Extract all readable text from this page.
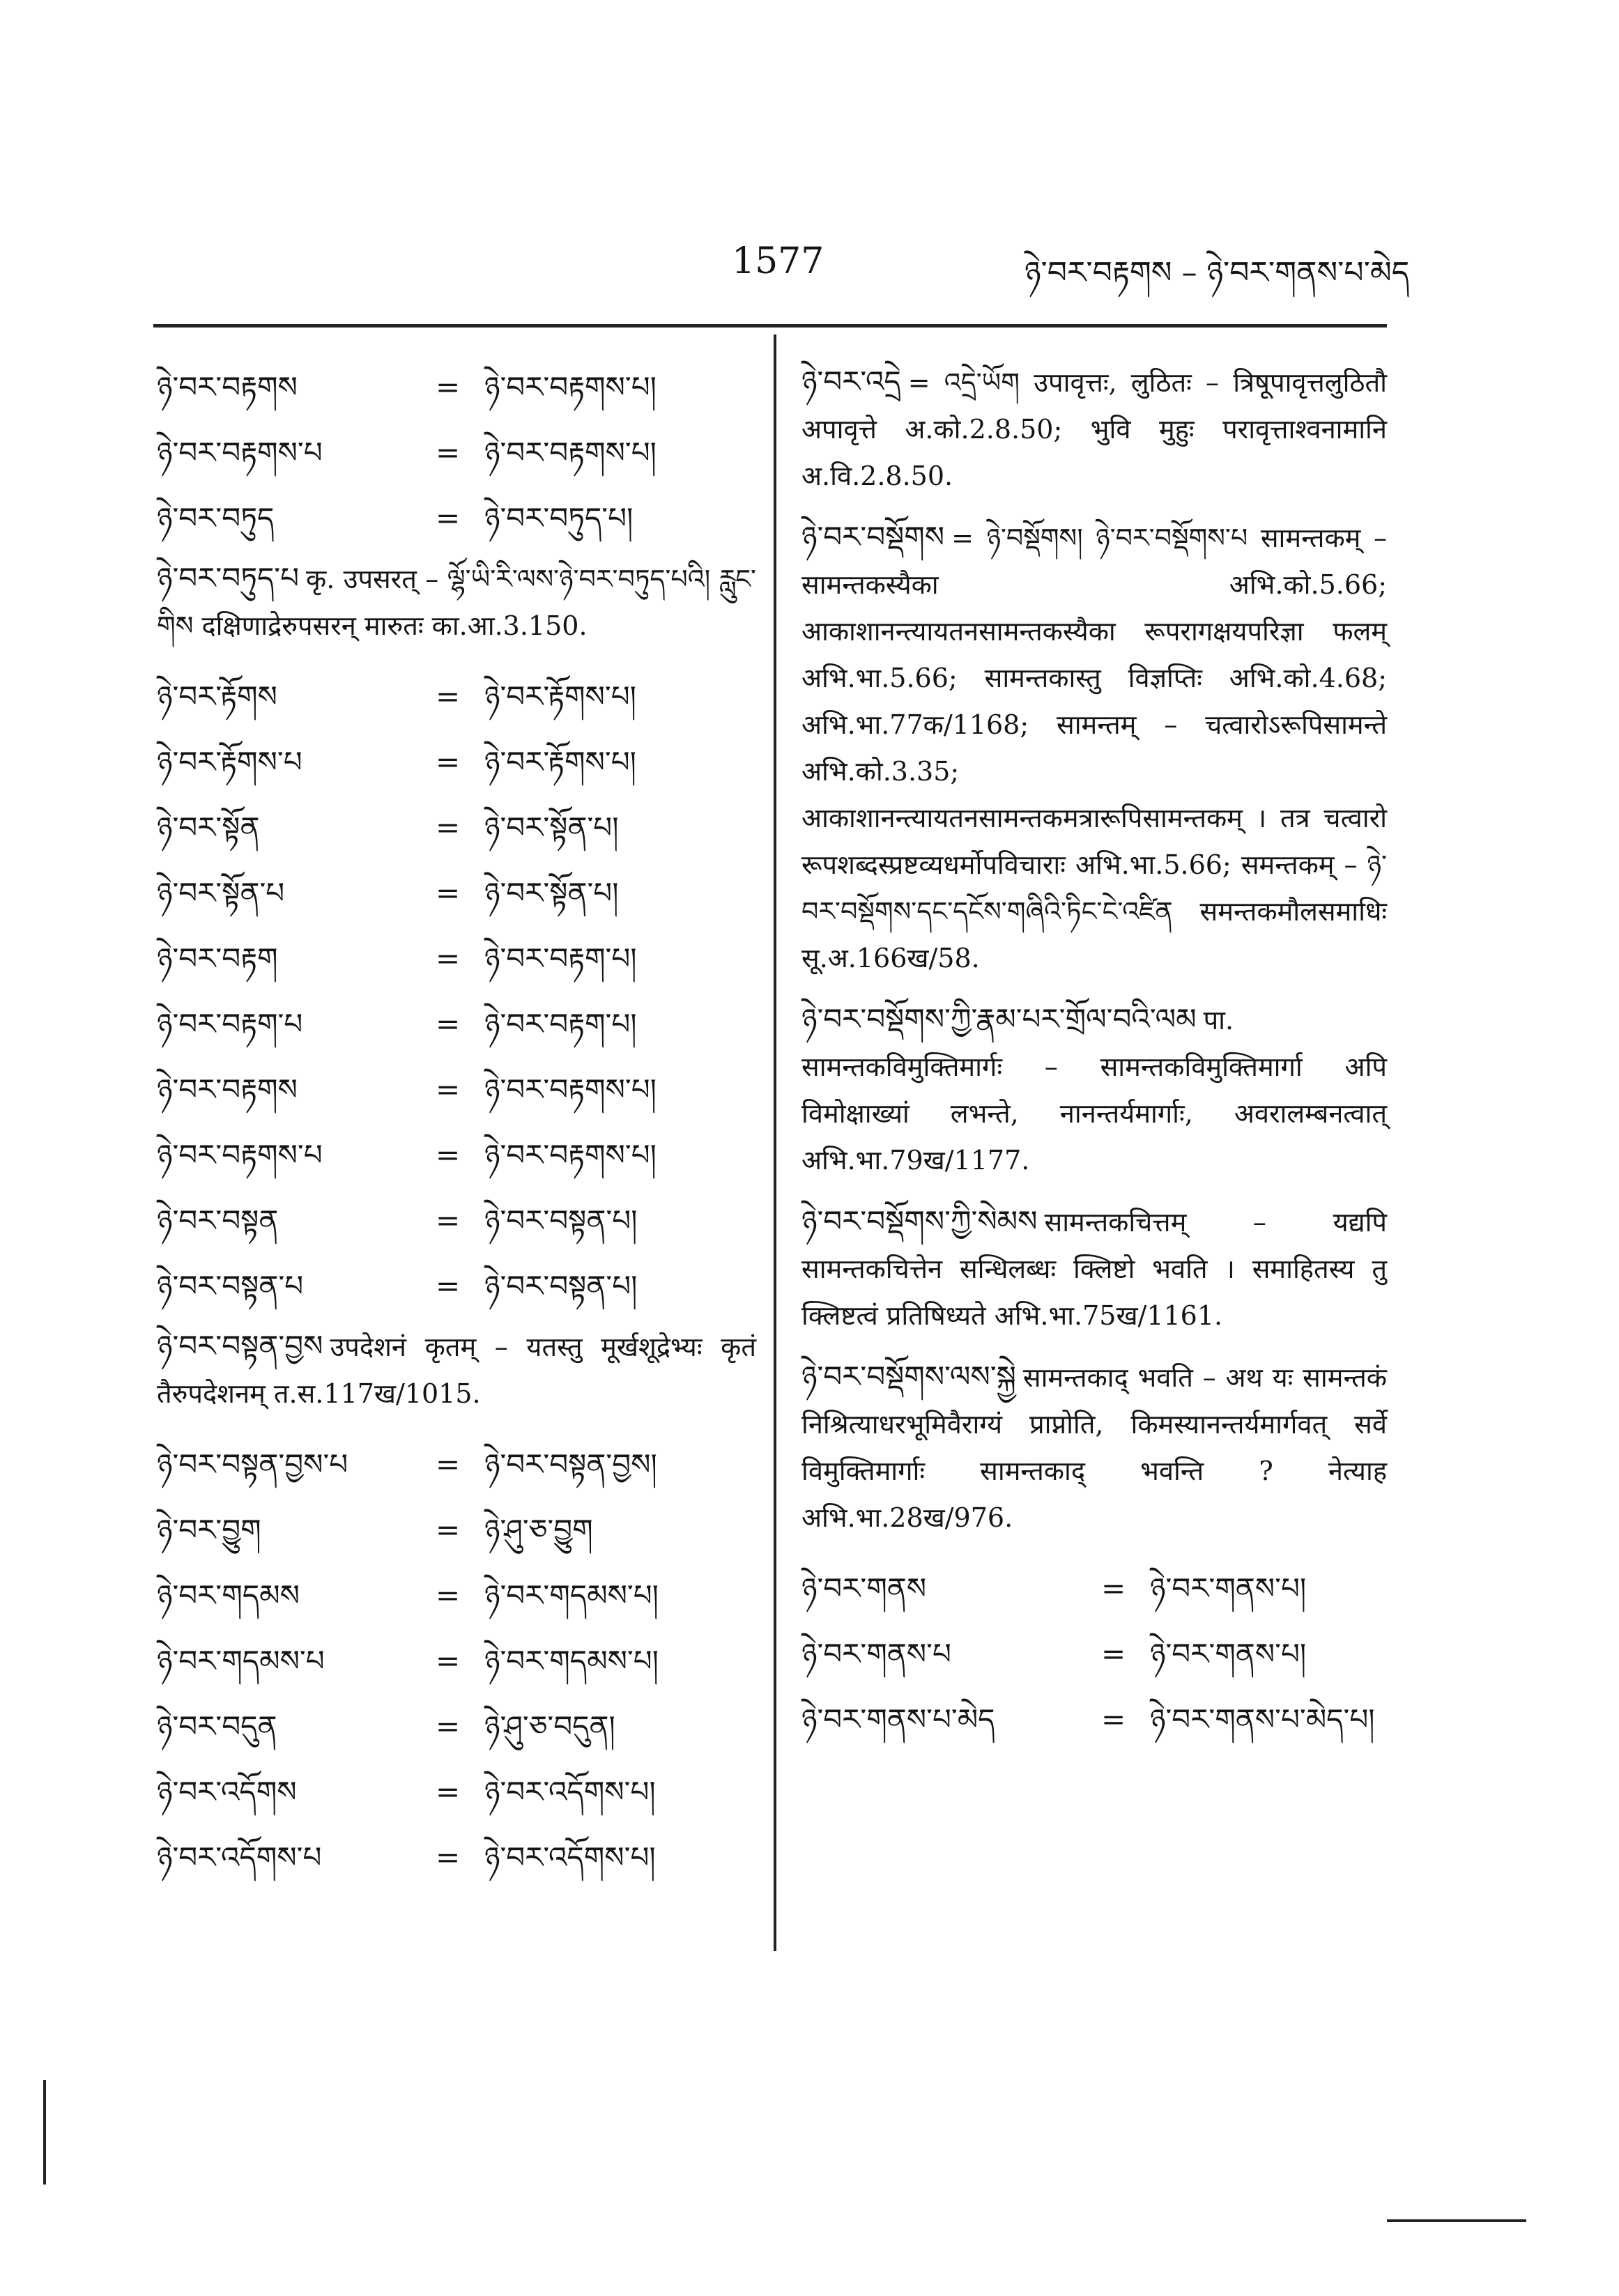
1577	ཉེ་བར་བརྟགས – ཉེ་བར་གནས་པ་མེད
ཉེ་བར་བརྟགས	= ཉེ་བར་བརྟགས་པ།
ཉེ་བར་བརྟགས་པ	= ཉེ་བར་བརྟགས་པ།
ཉེ་བར་བཏུད	= ཉེ་བར་བཏུད་པ།
ཉེ་བར་བཏུད་པ कृ. उपसरत् – ལྷོ་ཡི་རི་ལས་ཉེ་བར་བཏུད་པའི། རླུང་གིས दक्षिणाद्रेरुपसरन् मारुतः का.आ.3.150.
ཉེ་བར་རྟོགས	= ཉེ་བར་རྟོགས་པ།
ཉེ་བར་རྟོགས་པ	= ཉེ་བར་རྟོགས་པ།
ཉེ་བར་སྟོན	= ཉེ་བར་སྟོན་པ།
ཉེ་བར་སྟོན་པ	= ཉེ་བར་སྟོན་པ།
ཉེ་བར་བརྟག	= ཉེ་བར་བརྟག་པ།
ཉེ་བར་བརྟག་པ	= ཉེ་བར་བརྟག་པ།
ཉེ་བར་བརྟགས	= ཉེ་བར་བརྟགས་པ།
ཉེ་བར་བརྟགས་པ	= ཉེ་བར་བརྟགས་པ།
ཉེ་བར་བསྟན	= ཉེ་བར་བསྟན་པ།
ཉེ་བར་བསྟན་པ	= ཉེ་བར་བསྟན་པ།
ཉེ་བར་བསྟན་བྱས उपदेशनं कृतम् – यतस्तु मूर्खशूद्रेभ्यः कृतं तैरुपदेशनम् त.स.117ख/1015.
ཉེ་བར་བསྟན་བྱས་པ	= ཉེ་བར་བསྟན་བྱས།
ཉེ་བར་བྱུག	= ཉེ་ཤུ་ཅ་བྱུག
ཉེ་བར་གདམས	= ཉེ་བར་གདམས་པ།
ཉེ་བར་གདམས་པ	= ཉེ་བར་གདམས་པ།
ཉེ་བར་བདུན	= ཉེ་ཤུ་ཅ་བདུན།
ཉེ་བར་འདོགས	= ཉེ་བར་འདོགས་པ།
ཉེ་བར་འདོགས་པ	= ཉེ་བར་འདོགས་པ།
ཉེ་བར་འདྲེ = འདྲེ་ཡོག उपावृत्तः, लुठितः – त्रिषूपावृत्तलुठितौ अपावृत्ते अ.को.2.8.50; भुवि मुहुः परावृत्ताश्वनामानि अ.वि.2.8.50.
ཉེ་བར་བསྡོགས = ཉེ་བསྡོགས། ཉེ་བར་བསྡོགས་པ सामन्तकम् – सामन्तकस्यैका अभि.को.5.66; आकाशानन्त्यायतनसामन्तकस्यैका रूपरागक्षयपरिज्ञा फलम् अभि.भा.5.66; सामन्तकास्तु विज्ञप्तिः अभि.को.4.68; अभि.भा.77क/1168; सामन्तम् – चत्वारोऽरूपिसामन्ते अभि.को.3.35; आकाशानन्त्यायतनसामन्तकमत्रारूपिसामन्तकम् । तत्र चत्वारो रूपशब्दस्प्रष्टव्यधर्मोपविचाराः अभि.भा.5.66; समन्तकम् – ཉེ་བར་བསྡོགས་དང་དངོས་གཞིའི་ཏིང་ངེ་འཛིན समन्तकमौलसमाधिः सू.अ.166ख/58.
ཉེ་བར་བསྡོགས་ཀྱི་རྣམ་པར་གྲོལ་བའི་ལམ पा. सामन्तकविमुक्तिमार्गः – सामन्तकविमुक्तिमार्गा अपि विमोक्षाख्यां लभन्ते, नानन्तर्यमार्गाः, अवरालम्बनत्वात् अभि.भा.79ख/1177.
ཉེ་བར་བསྡོགས་ཀྱི་སེམས सामन्तकचित्तम् – यद्यपि सामन्तकचित्तेन सन्धिलब्धः क्लिष्टो भवति । समाहितस्य तु क्लिष्टत्वं प्रतिषिध्यते अभि.भा.75ख/1161.
ཉེ་བར་བསྡོགས་ལས་སྐྱེ सामन्तकाद् भवति – अथ यः सामन्तकं निश्रित्याधरभूमिवैराग्यं प्राप्नोति, किमस्यानन्तर्यमार्गवत् सर्वे विमुक्तिमार्गाः सामन्तकाद् भवन्ति ? नेत्याह अभि.भा.28ख/976.
ཉེ་བར་གནས	= ཉེ་བར་གནས་པ།
ཉེ་བར་གནས་པ	= ཉེ་བར་གནས་པ།
ཉེ་བར་གནས་པ་མེད	= ཉེ་བར་གནས་པ་མེད་པ།
